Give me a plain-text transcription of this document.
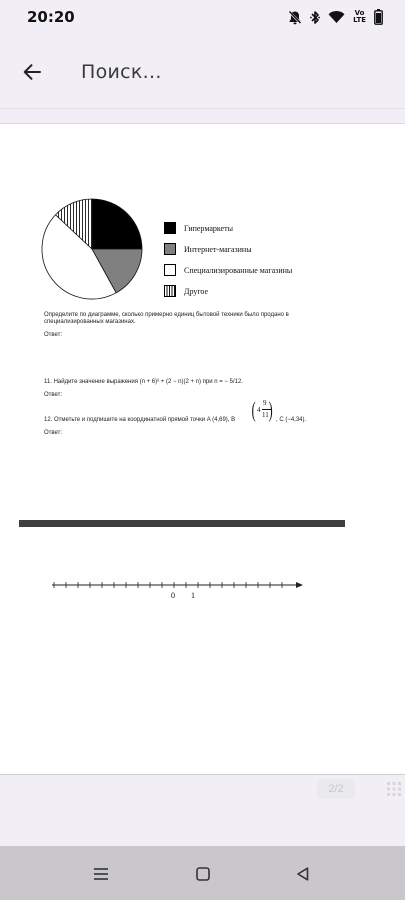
20:20	Vo
LTE
Поиск...
Гипермаркеты
Интернет-магазины
Специализированные магазины
Другое
Определите по диаграмме, сколько примерно единиц бытовой техники было продано в
специализированных магазинах.
Ответ:
11. Найдите значение выражения (n + 6)² + (2 − n)(2 + n) при n = − 5/12.
Ответ:
12. Отметьте и подпишите на координатной прямой точки A (4,69), B ( 4
9
11 ) , C (−4,34).
Ответ:
0 1
2/2
